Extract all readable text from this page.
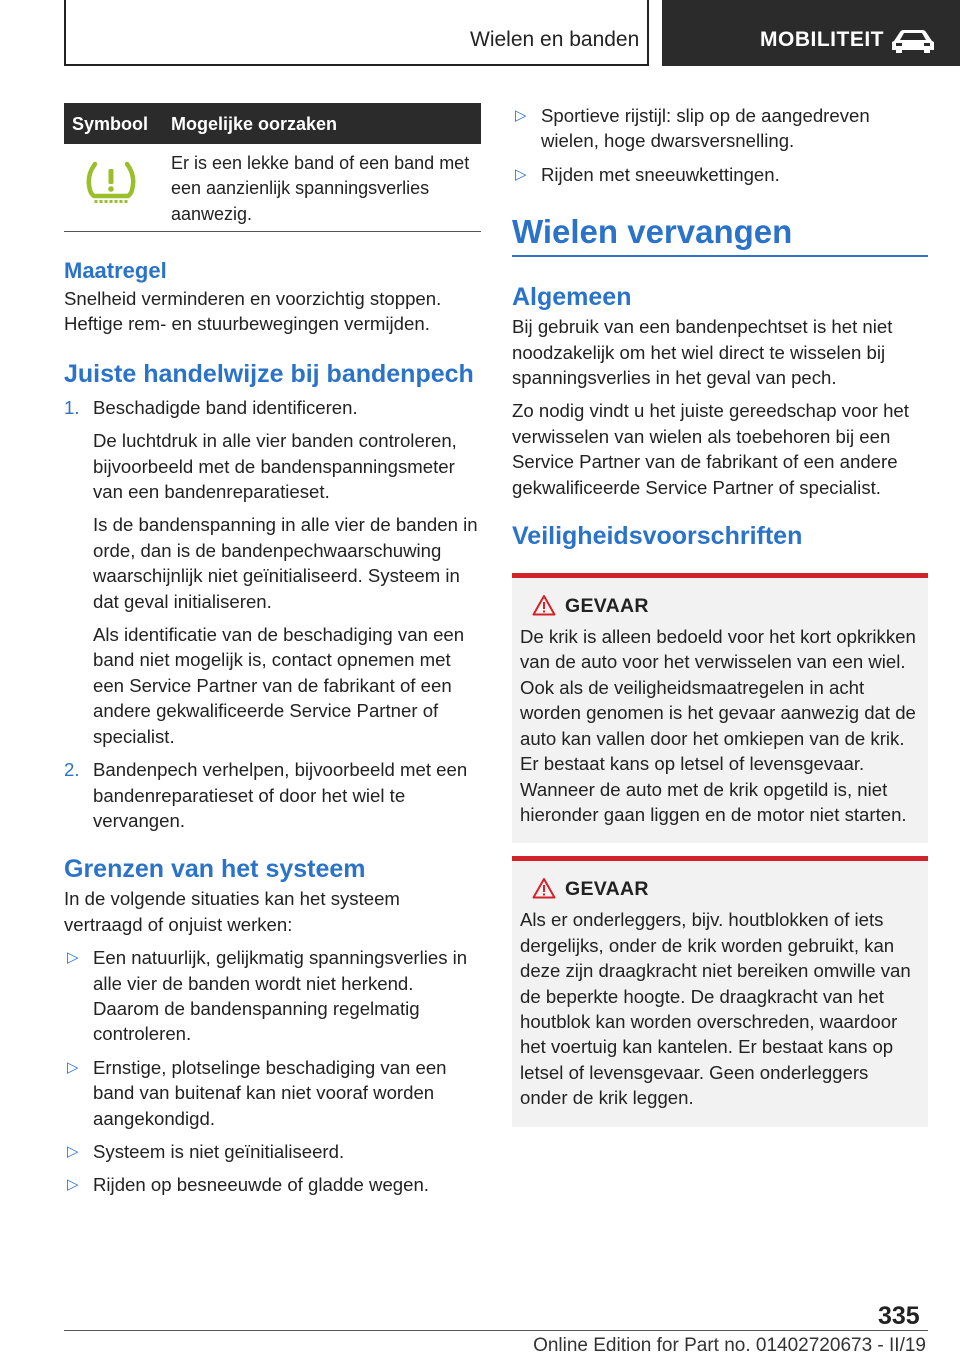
Wielen en banden	MOBILITEIT
Symbool Mogelijke oorzaken
Er is een lekke band of een band met een aanzienlijk spanningsverlies aanwezig.
Maatregel

Snelheid verminderen en voorzichtig stoppen. Heftige rem- en stuurbewegingen vermijden.

Juiste handelwijze bij bandenpech
1. Beschadigde band identificeren.

De luchtdruk in alle vier banden controleren, bijvoorbeeld met de bandenspanningsmeter van een bandenreparatieset.

Is de bandenspanning in alle vier de banden in orde, dan is de bandenpechwaarschuwing waarschijnlijk niet geïnitialiseerd. Systeem in dat geval initialiseren.

Als identificatie van de beschadiging van een band niet mogelijk is, contact opnemen met een Service Partner van de fabrikant of een andere gekwalificeerde Service Partner of specialist.

2. Bandenpech verhelpen, bijvoorbeeld met een bandenreparatieset of door het wiel te vervangen.

Grenzen van het systeem

In de volgende situaties kan het systeem vertraagd of onjuist werken:

▷ Een natuurlijk, gelijkmatig spanningsverlies in alle vier de banden wordt niet herkend. Daarom de bandenspanning regelmatig controleren.
▷ Ernstige, plotselinge beschadiging van een band van buitenaf kan niet vooraf worden aangekondigd.
▷ Systeem is niet geïnitialiseerd.
▷ Rijden op besneeuwde of gladde wegen.
▷ Sportieve rijstijl: slip op de aangedreven wielen, hoge dwarsversnelling.
▷ Rijden met sneeuwkettingen.
Wielen vervangen
Algemeen

Bij gebruik van een bandenpechtset is het niet noodzakelijk om het wiel direct te wisselen bij spanningsverlies in het geval van pech.

Zo nodig vindt u het juiste gereedschap voor het verwisselen van wielen als toebehoren bij een Service Partner van de fabrikant of een andere gekwalificeerde Service Partner of specialist.

Veiligheidsvoorschriften
GEVAAR

De krik is alleen bedoeld voor het kort opkrikken van de auto voor het verwisselen van een wiel. Ook als de veiligheidsmaatregelen in acht worden genomen is het gevaar aanwezig dat de auto kan vallen door het omkiepen van de krik. Er bestaat kans op letsel of levensgevaar. Wanneer de auto met de krik opgetild is, niet hieronder gaan liggen en de motor niet starten.

GEVAAR

Als er onderleggers, bijv. houtblokken of iets dergelijks, onder de krik worden gebruikt, kan deze zijn draagkracht niet bereiken omwille van de beperkte hoogte. De draagkracht van het houtblok kan worden overschreden, waardoor het voertuig kan kantelen. Er bestaat kans op letsel of levensgevaar. Geen onderleggers onder de krik leggen.

335
Online Edition for Part no. 01402720673 - II/19
